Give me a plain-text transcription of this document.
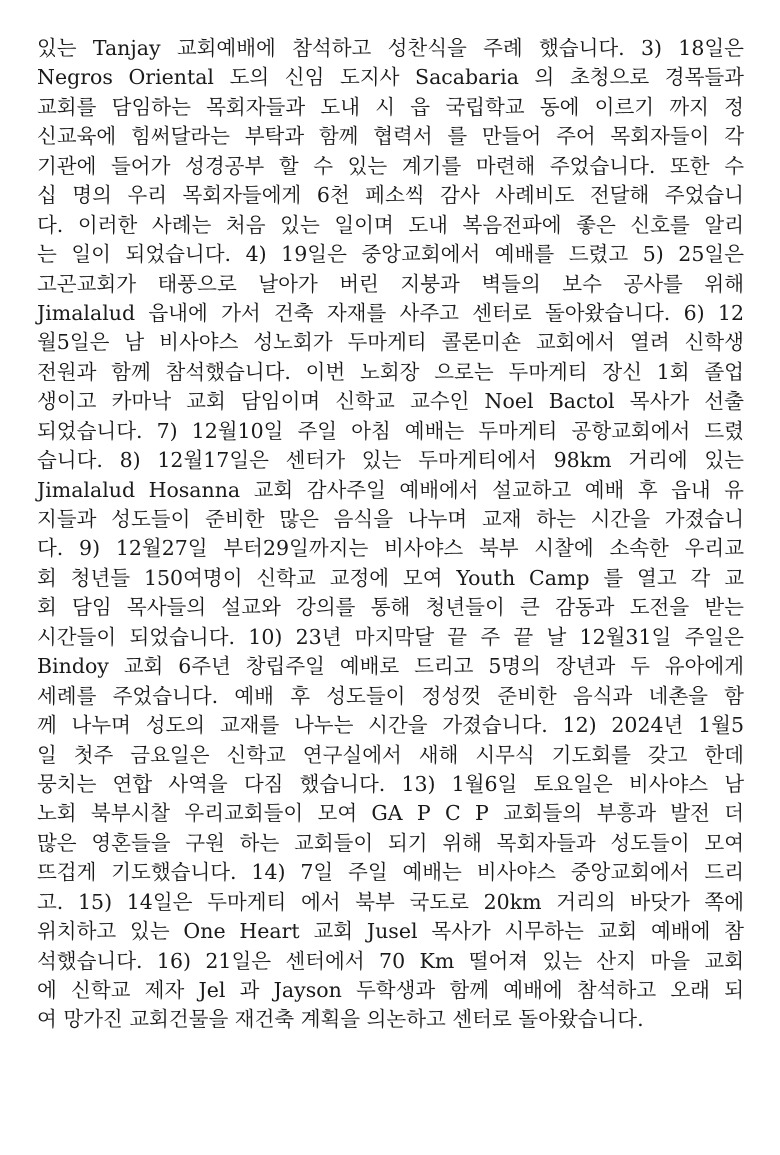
있는 Tanjay 교회예배에 참석하고 성찬식을 주례 했습니다. 3) 18일은
Negros Oriental 도의 신임 도지사 Sacabaria 의 초청으로 경목들과
교회를 담임하는 목회자들과 도내 시 읍 국립학교 동에 이르기 까지 정
신교육에 힘써달라는 부탁과 함께 협력서 를 만들어 주어 목회자들이 각
기관에 들어가 성경공부 할 수 있는 계기를 마련해 주었습니다. 또한 수
십 명의 우리 목회자들에게 6천 페소씩 감사 사례비도 전달해 주었습니
다. 이러한 사례는 처음 있는 일이며 도내 복음전파에 좋은 신호를 알리
는 일이 되었습니다. 4) 19일은 중앙교회에서 예배를 드렸고 5) 25일은
고곤교회가 태풍으로 날아가 버린 지붕과 벽들의 보수 공사를 위해
Jimalalud 읍내에 가서 건축 자재를 사주고 센터로 돌아왔습니다. 6) 12
월5일은 남 비사야스 성노회가 두마게티 콜론미숀 교회에서 열려 신학생
전원과 함께 참석했습니다. 이번 노회장 으로는 두마게티 장신 1회 졸업
생이고 카마낙 교회 담임이며 신학교 교수인 Noel Bactol 목사가 선출
되었습니다. 7) 12월10일 주일 아침 예배는 두마게티 공항교회에서 드렸
습니다. 8) 12월17일은 센터가 있는 두마게티에서 98km 거리에 있는
Jimalalud Hosanna 교회 감사주일 예배에서 설교하고 예배 후 읍내 유
지들과 성도들이 준비한 많은 음식을 나누며 교재 하는 시간을 가졌습니
다. 9) 12월27일 부터29일까지는 비사야스 북부 시찰에 소속한 우리교
회 청년들 150여명이 신학교 교정에 모여 Youth Camp 를 열고 각 교
회 담임 목사들의 설교와 강의를 통해 청년들이 큰 감동과 도전을 받는
시간들이 되었습니다. 10) 23년 마지막달 끝 주 끝 날 12월31일 주일은
Bindoy 교회 6주년 창립주일 예배로 드리고 5명의 장년과 두 유아에게
세례를 주었습니다. 예배 후 성도들이 정성껏 준비한 음식과 네촌을 함
께 나누며 성도의 교재를 나누는 시간을 가졌습니다. 12) 2024년 1월5
일 첫주 금요일은 신학교 연구실에서 새해 시무식 기도회를 갖고 한데
뭉치는 연합 사역을 다짐 했습니다. 13) 1월6일 토요일은 비사야스 남
노회 북부시찰 우리교회들이 모여 GA P C P 교회들의 부흥과 발전 더
많은 영혼들을 구원 하는 교회들이 되기 위해 목회자들과 성도들이 모여
뜨겁게 기도했습니다. 14) 7일 주일 예배는 비사야스 중앙교회에서 드리
고. 15) 14일은 두마게티 에서 북부 국도로 20km 거리의 바닷가 쪽에
위치하고 있는 One Heart 교회 Jusel 목사가 시무하는 교회 예배에 참
석했습니다. 16) 21일은 센터에서 70 Km 떨어져 있는 산지 마을 교회
에 신학교 제자 Jel 과 Jayson 두학생과 함께 예배에 참석하고 오래 되
여 망가진 교회건물을 재건축 계획을 의논하고 센터로 돌아왔습니다.
